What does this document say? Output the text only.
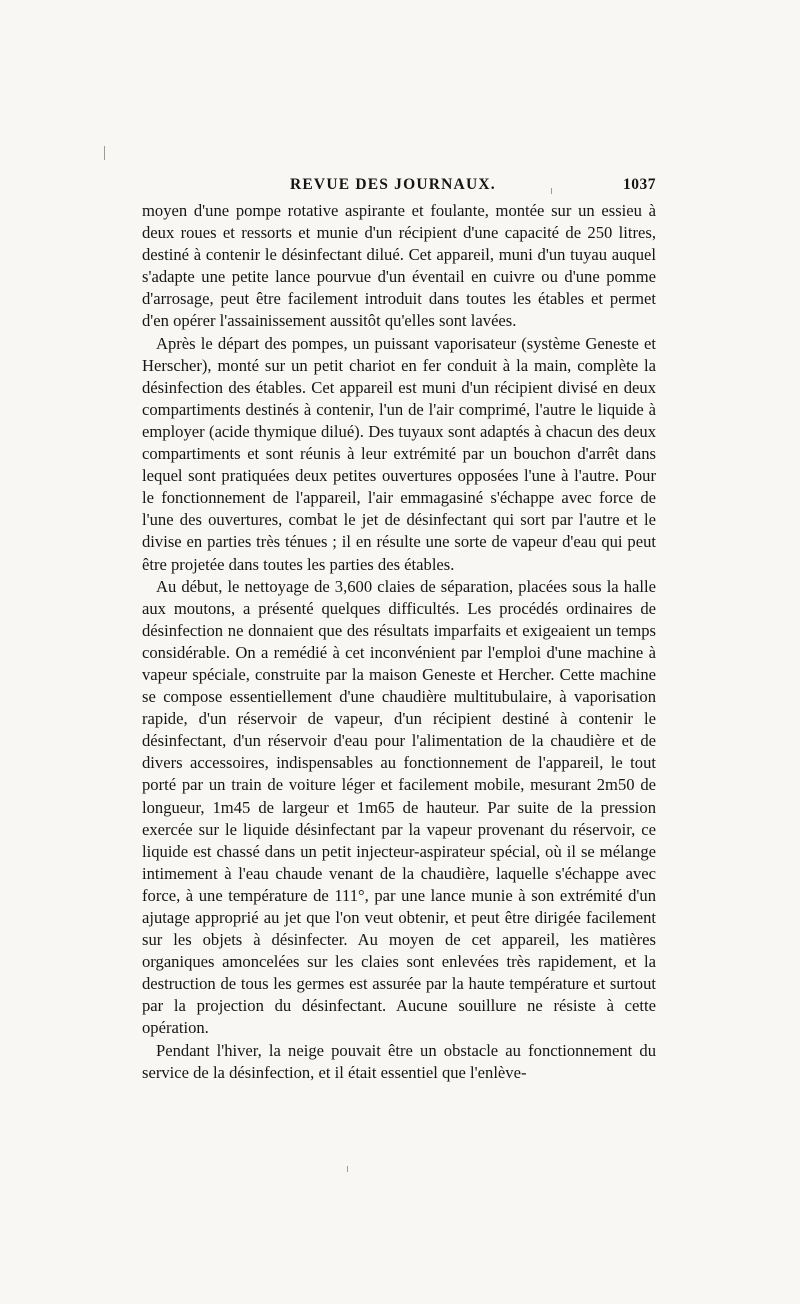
REVUE DES JOURNAUX.	1037

moyen d'une pompe rotative aspirante et foulante, montée sur un essieu à deux roues et ressorts et munie d'un récipient d'une capacité de 250 litres, destiné à contenir le désinfectant dilué. Cet appareil, muni d'un tuyau auquel s'adapte une petite lance pourvue d'un éventail en cuivre ou d'une pomme d'arrosage, peut être facilement introduit dans toutes les étables et permet d'en opérer l'assainissement aussitôt qu'elles sont lavées.

Après le départ des pompes, un puissant vaporisateur (système Geneste et Herscher), monté sur un petit chariot en fer conduit à la main, complète la désinfection des étables. Cet appareil est muni d'un récipient divisé en deux compartiments destinés à contenir, l'un de l'air comprimé, l'autre le liquide à employer (acide thymique dilué). Des tuyaux sont adaptés à chacun des deux compartiments et sont réunis à leur extrémité par un bouchon d'arrêt dans lequel sont pratiquées deux petites ouvertures opposées l'une à l'autre. Pour le fonctionnement de l'appareil, l'air emmagasiné s'échappe avec force de l'une des ouvertures, combat le jet de désinfectant qui sort par l'autre et le divise en parties très ténues ; il en résulte une sorte de vapeur d'eau qui peut être projetée dans toutes les parties des étables.

Au début, le nettoyage de 3,600 claies de séparation, placées sous la halle aux moutons, a présenté quelques difficultés. Les procédés ordinaires de désinfection ne donnaient que des résultats imparfaits et exigeaient un temps considérable. On a remédié à cet inconvénient par l'emploi d'une machine à vapeur spéciale, construite par la maison Geneste et Hercher. Cette machine se compose essentiellement d'une chaudière multitubulaire, à vaporisation rapide, d'un réservoir de vapeur, d'un récipient destiné à contenir le désinfectant, d'un réservoir d'eau pour l'alimentation de la chaudière et de divers accessoires, indispensables au fonctionnement de l'appareil, le tout porté par un train de voiture léger et facilement mobile, mesurant 2m50 de longueur, 1m45 de largeur et 1m65 de hauteur. Par suite de la pression exercée sur le liquide désinfectant par la vapeur provenant du réservoir, ce liquide est chassé dans un petit injecteur-aspirateur spécial, où il se mélange intimement à l'eau chaude venant de la chaudière, laquelle s'échappe avec force, à une température de 111°, par une lance munie à son extrémité d'un ajutage approprié au jet que l'on veut obtenir, et peut être dirigée facilement sur les objets à désinfecter. Au moyen de cet appareil, les matières organiques amoncelées sur les claies sont enlevées très rapidement, et la destruction de tous les germes est assurée par la haute température et surtout par la projection du désinfectant. Aucune souillure ne résiste à cette opération.

Pendant l'hiver, la neige pouvait être un obstacle au fonctionnement du service de la désinfection, et il était essentiel que l'enlève-
